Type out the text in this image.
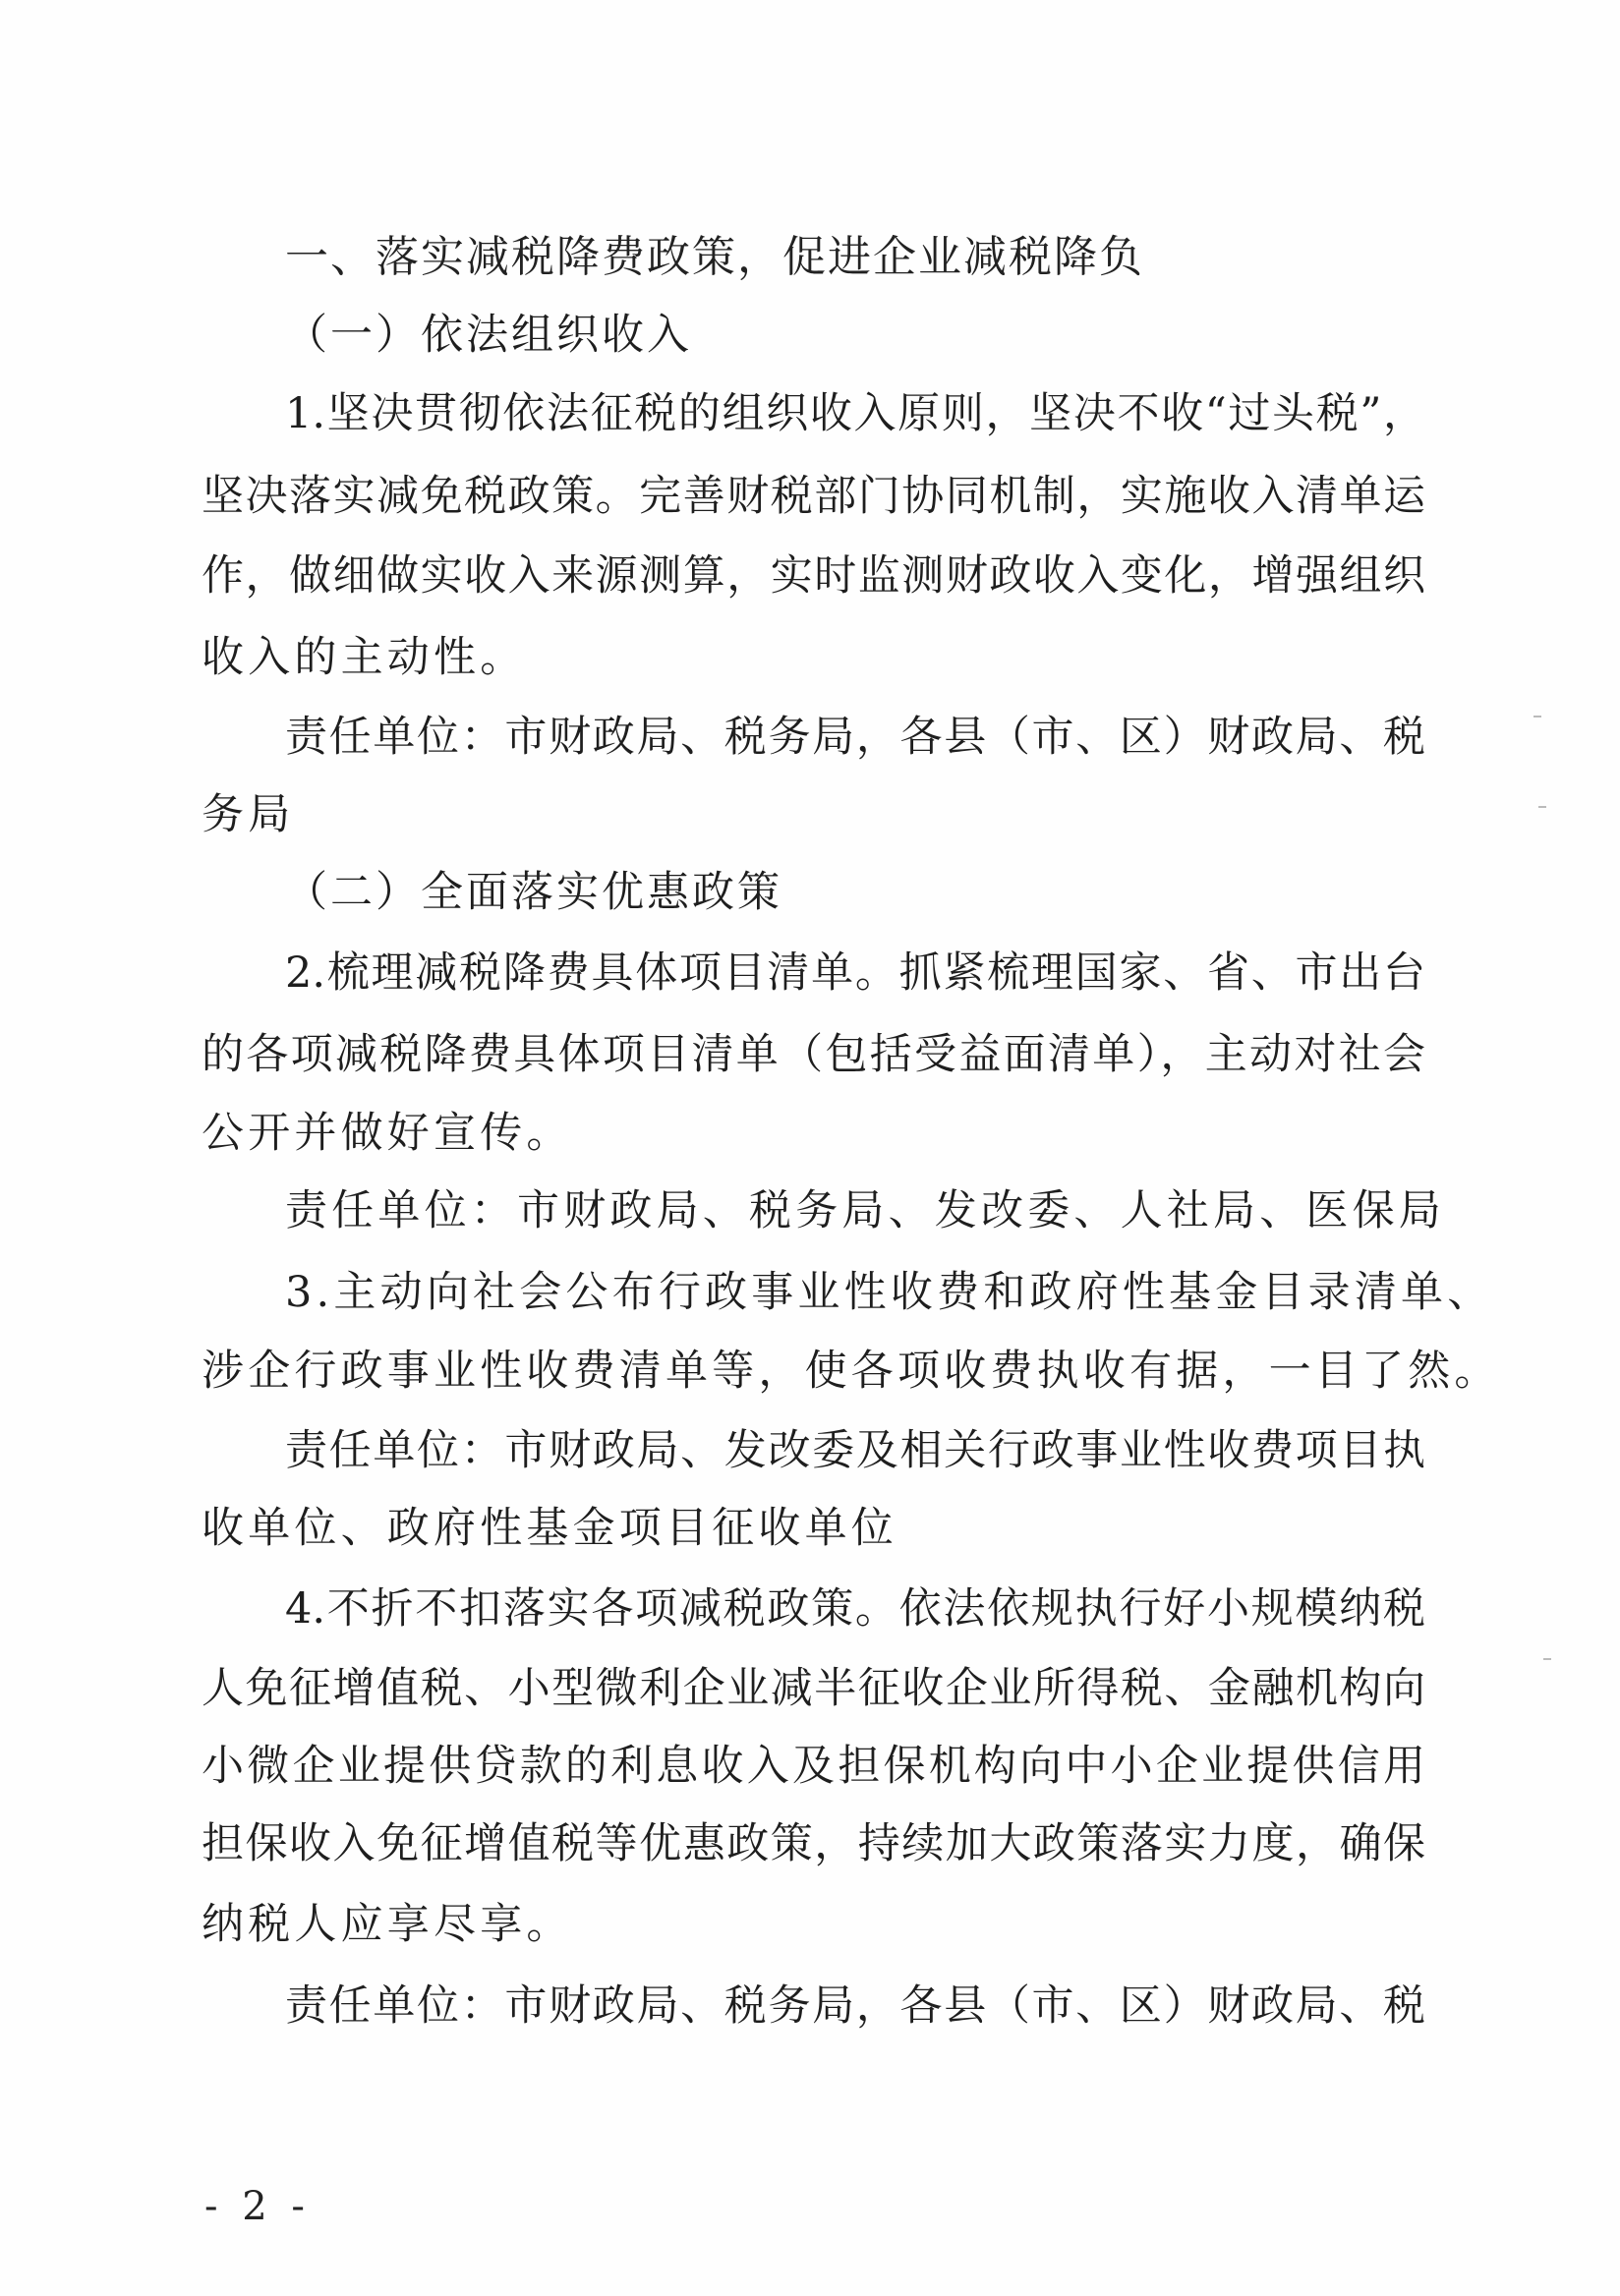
一、落实减税降费政策，促进企业减税降负
（一）依法组织收入
1.坚决贯彻依法征税的组织收入原则，坚决不收“过头税”，
坚决落实减免税政策。完善财税部门协同机制，实施收入清单运
作，做细做实收入来源测算，实时监测财政收入变化，增强组织
收入的主动性。
责任单位：市财政局、税务局，各县（市、区）财政局、税
务局
（二）全面落实优惠政策
2.梳理减税降费具体项目清单。抓紧梳理国家、省、市出台
的各项减税降费具体项目清单（包括受益面清单），主动对社会
公开并做好宣传。
责任单位：市财政局、税务局、发改委、人社局、医保局
3.主动向社会公布行政事业性收费和政府性基金目录清单、
涉企行政事业性收费清单等，使各项收费执收有据，一目了然。
责任单位：市财政局、发改委及相关行政事业性收费项目执
收单位、政府性基金项目征收单位
4.不折不扣落实各项减税政策。依法依规执行好小规模纳税
人免征增值税、小型微利企业减半征收企业所得税、金融机构向
小微企业提供贷款的利息收入及担保机构向中小企业提供信用
担保收入免征增值税等优惠政策，持续加大政策落实力度，确保
纳税人应享尽享。
责任单位：市财政局、税务局，各县（市、区）财政局、税
- 2 -
